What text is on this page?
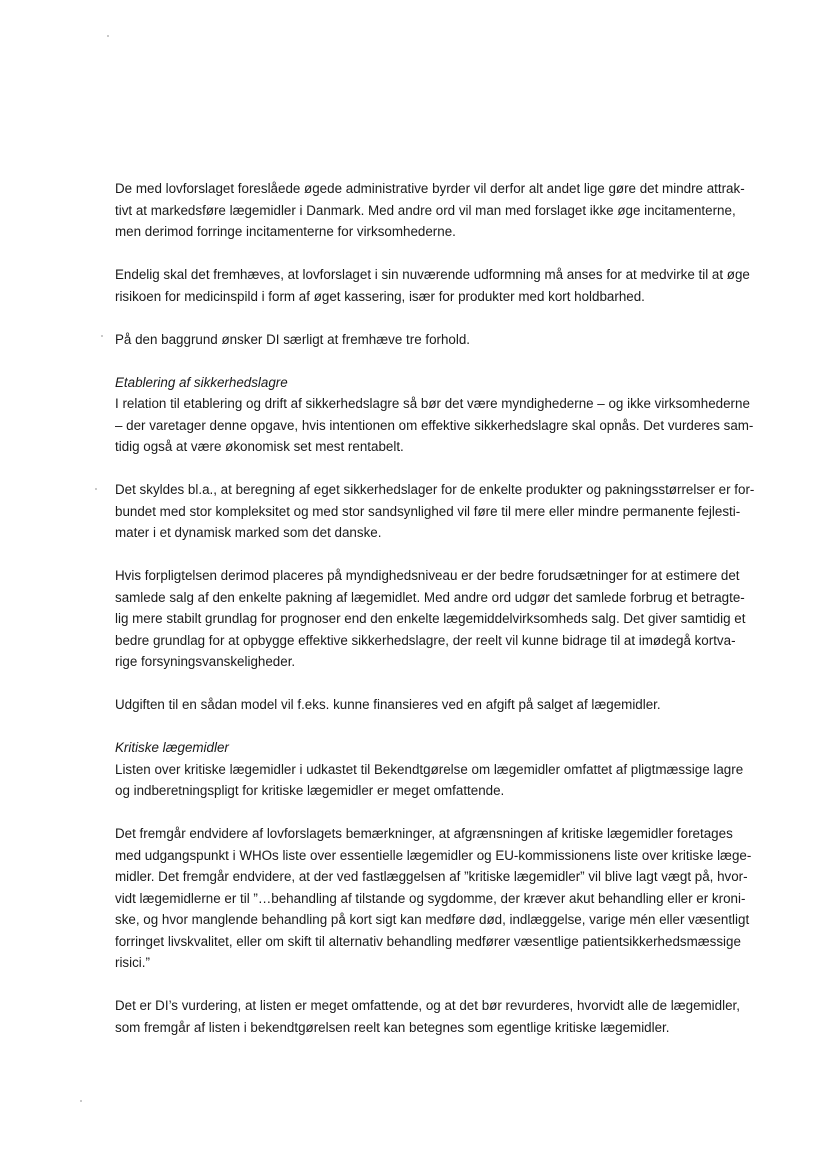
De med lovforslaget foreslåede øgede administrative byrder vil derfor alt andet lige gøre det mindre attrak-
tivt at markedsføre lægemidler i Danmark. Med andre ord vil man med forslaget ikke øge incitamenterne,
men derimod forringe incitamenterne for virksomhederne.

Endelig skal det fremhæves, at lovforslaget i sin nuværende udformning må anses for at medvirke til at øge
risikoen for medicinspild i form af øget kassering, især for produkter med kort holdbarhed.

På den baggrund ønsker DI særligt at fremhæve tre forhold.

Etablering af sikkerhedslagre

I relation til etablering og drift af sikkerhedslagre så bør det være myndighederne – og ikke virksomhederne
– der varetager denne opgave, hvis intentionen om effektive sikkerhedslagre skal opnås. Det vurderes sam-
tidig også at være økonomisk set mest rentabelt.

Det skyldes bl.a., at beregning af eget sikkerhedslager for de enkelte produkter og pakningsstørrelser er for-
bundet med stor kompleksitet og med stor sandsynlighed vil føre til mere eller mindre permanente fejlesti-
mater i et dynamisk marked som det danske.

Hvis forpligtelsen derimod placeres på myndighedsniveau er der bedre forudsætninger for at estimere det
samlede salg af den enkelte pakning af lægemidlet. Med andre ord udgør det samlede forbrug et betragte-
lig mere stabilt grundlag for prognoser end den enkelte lægemiddelvirksomheds salg. Det giver samtidig et
bedre grundlag for at opbygge effektive sikkerhedslagre, der reelt vil kunne bidrage til at imødegå kortva-
rige forsyningsvanskeligheder.

Udgiften til en sådan model vil f.eks. kunne finansieres ved en afgift på salget af lægemidler.

Kritiske lægemidler

Listen over kritiske lægemidler i udkastet til Bekendtgørelse om lægemidler omfattet af pligtmæssige lagre
og indberetningspligt for kritiske lægemidler er meget omfattende.

Det fremgår endvidere af lovforslagets bemærkninger, at afgrænsningen af kritiske lægemidler foretages
med udgangspunkt i WHOs liste over essentielle lægemidler og EU-kommissionens liste over kritiske læge-
midler. Det fremgår endvidere, at der ved fastlæggelsen af ”kritiske lægemidler” vil blive lagt vægt på, hvor-
vidt lægemidlerne er til ”…behandling af tilstande og sygdomme, der kræver akut behandling eller er kroni-
ske, og hvor manglende behandling på kort sigt kan medføre død, indlæggelse, varige mén eller væsentligt
forringet livskvalitet, eller om skift til alternativ behandling medfører væsentlige patientsikkerhedsmæssige
risici.”

Det er DI’s vurdering, at listen er meget omfattende, og at det bør revurderes, hvorvidt alle de lægemidler,
som fremgår af listen i bekendtgørelsen reelt kan betegnes som egentlige kritiske lægemidler.
